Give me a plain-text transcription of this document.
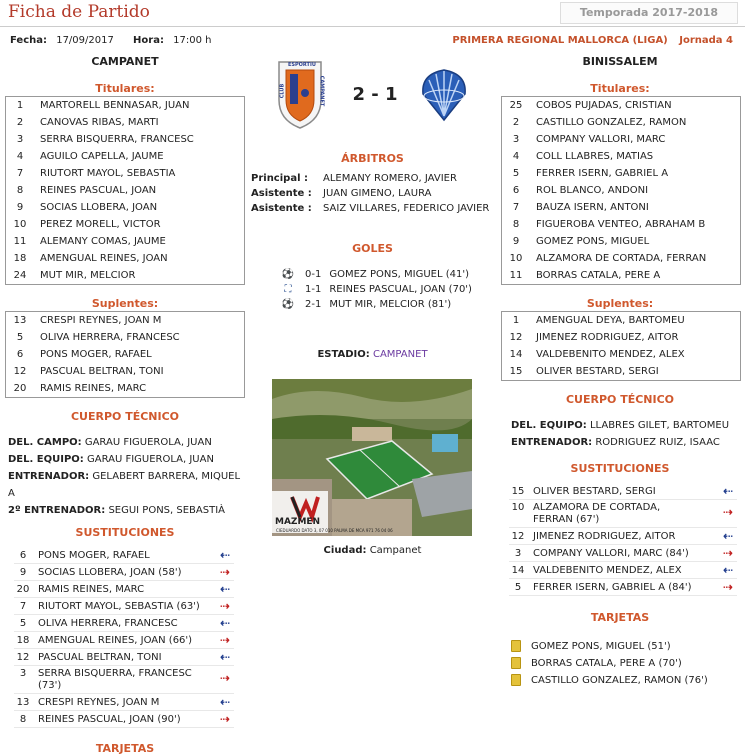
Ficha de Partido	Temporada 2017-2018
Fecha: 17/09/2017 Hora: 17:00 h	PRIMERA REGIONAL MALLORCA (LIGA) Jornada 4
CAMPANET	BINISSALEM
ESPORTIU
CLUB	CAMPANET	2 - 1
Titulares:
1 MARTORELL BENNASAR, JUAN
2 CANOVAS RIBAS, MARTI
3 SERRA BISQUERRA, FRANCESC
4 AGUILO CAPELLA, JAUME
7 RIUTORT MAYOL, SEBASTIA
8 REINES PASCUAL, JOAN
9 SOCIAS LLOBERA, JOAN
10 PEREZ MORELL, VICTOR
11 ALEMANY COMAS, JAUME
18 AMENGUAL REINES, JOAN
24 MUT MIR, MELCIOR
Suplentes:
13 CRESPI REYNES, JOAN M
5 OLIVA HERRERA, FRANCESC
6 PONS MOGER, RAFAEL
12 PASCUAL BELTRAN, TONI
20 RAMIS REINES, MARC
CUERPO TÉCNICO
DEL. CAMPO: GARAU FIGUEROLA, JUAN
DEL. EQUIPO: GARAU FIGUEROLA, JUAN
ENTRENADOR: GELABERT BARRERA, MIQUEL A
2º ENTRENADOR: SEGUI PONS, SEBASTIÀ
SUSTITUCIONES
6 PONS MOGER, RAFAEL	⇠
9 SOCIAS LLOBERA, JOAN (58')	⇢
20 RAMIS REINES, MARC	⇠
7 RIUTORT MAYOL, SEBASTIA (63') ⇢
5 OLIVA HERRERA, FRANCESC	⇠
18 AMENGUAL REINES, JOAN (66') ⇢
12 PASCUAL BELTRAN, TONI	⇠
3 SERRA BISQUERRA, FRANCESC (73')
⇢
13 CRESPI REYNES, JOAN M	⇠
8 REINES PASCUAL, JOAN (90')	⇢
TARJETAS
ÁRBITROS
Principal : ALEMANY ROMERO, JAVIER
Asistente : JUAN GIMENO, LAURA
Asistente : SAIZ VILLARES, FEDERICO JAVIER
GOLES
⚽ 0-1 GOMEZ PONS, MIGUEL (41')
⛶ 1-1 REINES PASCUAL, JOAN (70')
⚽ 2-1 MUT MIR, MELCIOR (81')
ESTADIO: CAMPANET
MAZMEN
CIEDUARDO DATO 3, 07 010 PALMA DE MCA 971 76 04 06
Ciudad: Campanet
Titulares:
25 COBOS PUJADAS, CRISTIAN
2 CASTILLO GONZALEZ, RAMON
3 COMPANY VALLORI, MARC
4 COLL LLABRES, MATIAS
5 FERRER ISERN, GABRIEL A
6 ROL BLANCO, ANDONI
7 BAUZA ISERN, ANTONI
8 FIGUEROBA VENTEO, ABRAHAM B
9 GOMEZ PONS, MIGUEL
10 ALZAMORA DE CORTADA, FERRAN
11 BORRAS CATALA, PERE A
Suplentes:
1 AMENGUAL DEYA, BARTOMEU
12 JIMENEZ RODRIGUEZ, AITOR
14 VALDEBENITO MENDEZ, ALEX
15 OLIVER BESTARD, SERGI
CUERPO TÉCNICO
DEL. EQUIPO: LLABRES GILET, BARTOMEU
ENTRENADOR: RODRIGUEZ RUIZ, ISAAC
SUSTITUCIONES
15 OLIVER BESTARD, SERGI	⇠
10 ALZAMORA DE CORTADA, FERRAN (67')
⇢
12 JIMENEZ RODRIGUEZ, AITOR	⇠
3 COMPANY VALLORI, MARC (84')	⇢
14 VALDEBENITO MENDEZ, ALEX	⇠
5 FERRER ISERN, GABRIEL A (84')	⇢
TARJETAS
GOMEZ PONS, MIGUEL (51')
BORRAS CATALA, PERE A (70')
CASTILLO GONZALEZ, RAMON (76')
